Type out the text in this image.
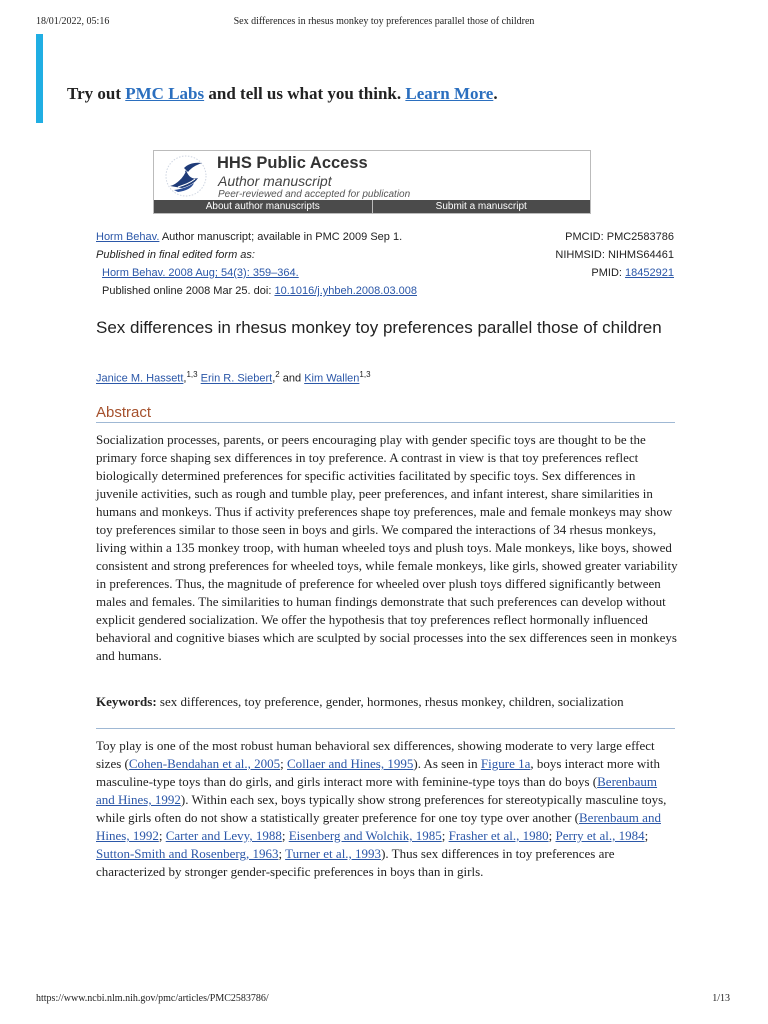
18/01/2022, 05:16	Sex differences in rhesus monkey toy preferences parallel those of children
Try out PMC Labs and tell us what you think. Learn More.
HHS Public Access
Author manuscript
Peer-reviewed and accepted for publication
About author manuscripts	Submit a manuscript
Horm Behav. Author manuscript; available in PMC 2009 Sep 1.
Published in final edited form as:
Horm Behav. 2008 Aug; 54(3): 359–364.
Published online 2008 Mar 25. doi: 10.1016/j.yhbeh.2008.03.008
PMCID: PMC2583786
NIHMSID: NIHMS64461
PMID: 18452921
Sex differences in rhesus monkey toy preferences parallel those of children
Janice M. Hassett,$^{1,3}$ Erin R. Siebert,$^2$ and Kim Wallen$^{1,3}$
Abstract

Socialization processes, parents, or peers encouraging play with gender specific toys are thought to be the primary force shaping sex differences in toy preference. A contrast in view is that toy preferences reflect biologically determined preferences for specific activities facilitated by specific toys. Sex differences in juvenile activities, such as rough and tumble play, peer preferences, and infant interest, share similarities in humans and monkeys. Thus if activity preferences shape toy preferences, male and female monkeys may show toy preferences similar to those seen in boys and girls. We compared the interactions of 34 rhesus monkeys, living within a 135 monkey troop, with human wheeled toys and plush toys. Male monkeys, like boys, showed consistent and strong preferences for wheeled toys, while female monkeys, like girls, showed greater variability in preferences. Thus, the magnitude of preference for wheeled over plush toys differed significantly between males and females. The similarities to human findings demonstrate that such preferences can develop without explicit gendered socialization. We offer the hypothesis that toy preferences reflect hormonally influenced behavioral and cognitive biases which are sculpted by social processes into the sex differences seen in monkeys and humans.

Keywords: sex differences, toy preference, gender, hormones, rhesus monkey, children, socialization

Toy play is one of the most robust human behavioral sex differences, showing moderate to very large effect sizes (Cohen-Bendahan et al., 2005; Collaer and Hines, 1995). As seen in Figure 1a, boys interact more with masculine-type toys than do girls, and girls interact more with feminine-type toys than do boys (Berenbaum and Hines, 1992). Within each sex, boys typically show strong preferences for stereotypically masculine toys, while girls often do not show a statistically greater preference for one toy type over another (Berenbaum and Hines, 1992; Carter and Levy, 1988; Eisenberg and Wolchik, 1985; Frasher et al., 1980; Perry et al., 1984; Sutton-Smith and Rosenberg, 1963; Turner et al., 1993). Thus sex differences in toy preferences are characterized by stronger gender-specific preferences in boys than in girls.

https://www.ncbi.nlm.nih.gov/pmc/articles/PMC2583786/	1/13
